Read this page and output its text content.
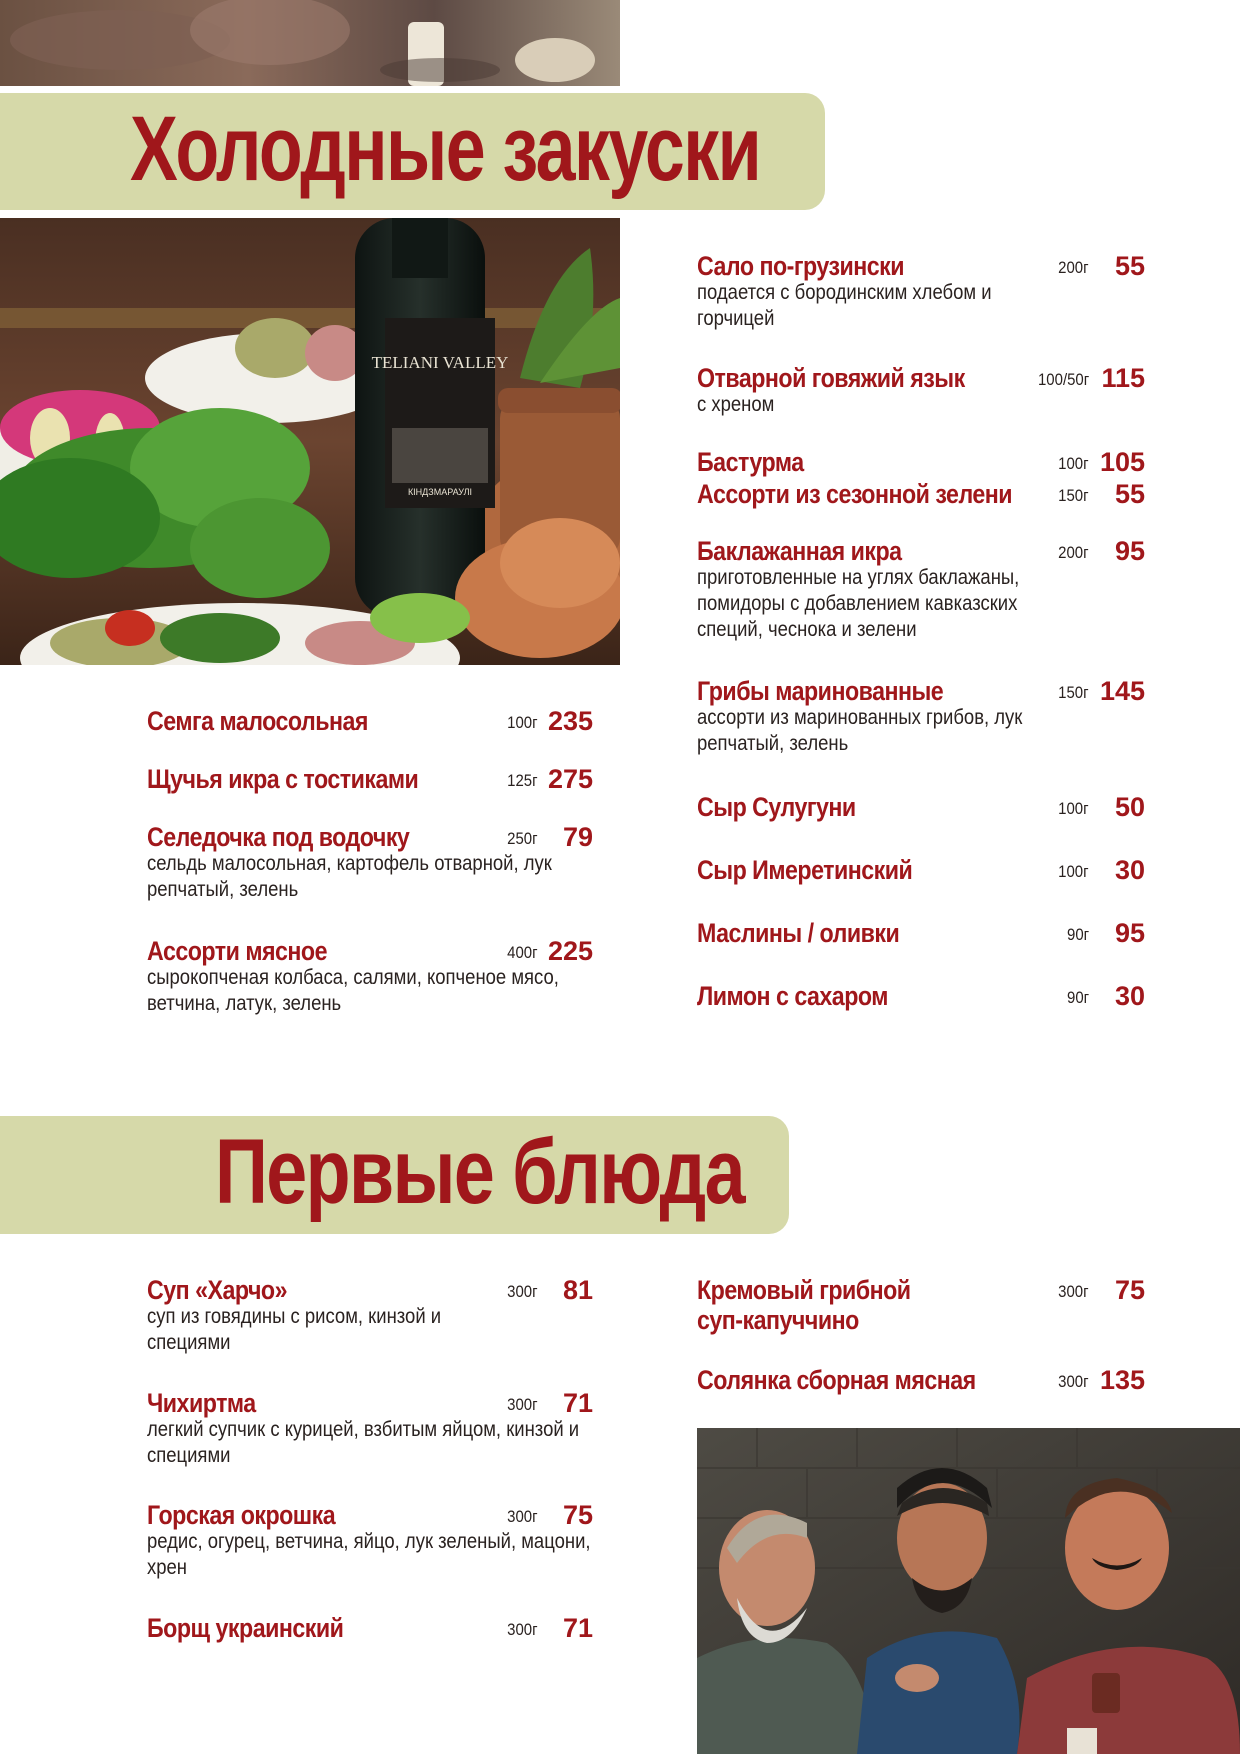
Холодные закуски
TELIANI VALLEY
КІНДЗМАРАУЛІ
Семга малосольная	100г 235
Щучья икра с тостиками	125г 275
Селедочка под водочку	250г 79
сельдь малосольная, картофель отварной, лук репчатый, зелень
Ассорти мясное	400г 225
сырокопченая колбаса, салями, копченое мясо, ветчина, латук, зелень
Сало по-грузински	200г 55
подается с бородинским хлебом и горчицей
Отварной говяжий язык	100/50г 115
с хреном
Бастурма	100г 105
Ассорти из сезонной зелени	150г 55
Баклажанная икра	200г 95
приготовленные на углях баклажаны, помидоры с добавлением кавказских специй, чеснока и зелени
Грибы маринованные	150г 145
ассорти из маринованных грибов, лук репчатый, зелень
Сыр Сулугуни	100г 50
Сыр Имеретинский	100г 30
Маслины / оливки	90г 95
Лимон с сахаром	90г 30
Первые блюда
Суп «Харчо»	300г 81
суп из говядины с рисом, кинзой и специями
Чихиртма	300г 71
легкий супчик с курицей, взбитым яйцом, кинзой и специями
Горская окрошка	300г 75
редис, огурец, ветчина, яйцо, лук зеленый, мацони, хрен
Борщ украинский	300г 71
Кремовый грибной	300г 75
суп-капуччино
Солянка сборная мясная	300г 135
